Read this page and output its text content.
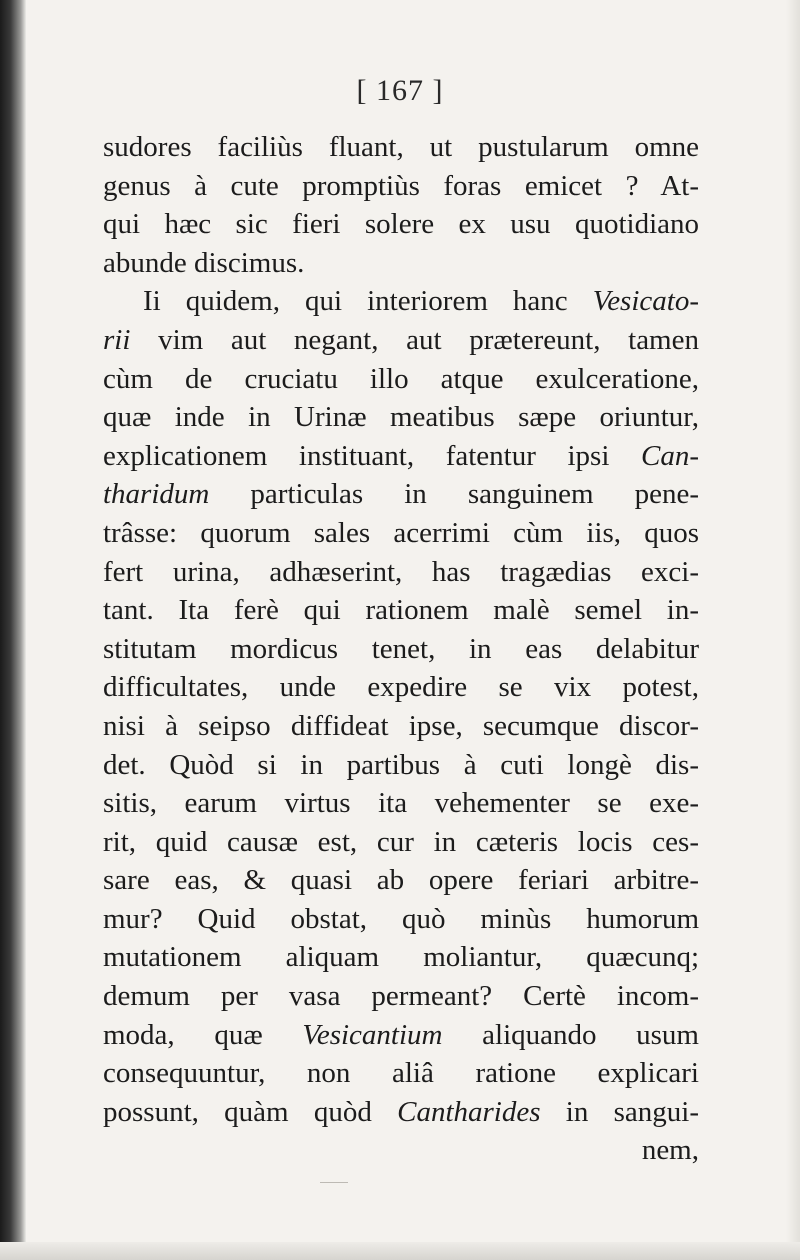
[ 167 ]
sudores faciliùs fluant, ut pustularum omne
genus à cute promptiùs foras emicet ? At-
qui hæc sic fieri solere ex usu quotidiano
abunde discimus.
Ii quidem, qui interiorem hanc Vesicato-
rii vim aut negant, aut prætereunt, tamen
cùm de cruciatu illo atque exulceratione,
quæ inde in Urinæ meatibus sæpe oriuntur,
explicationem instituant, fatentur ipsi Can-
tharidum particulas in sanguinem pene-
trâsse: quorum sales acerrimi cùm iis, quos
fert urina, adhæserint, has tragædias exci-
tant. Ita ferè qui rationem malè semel in-
stitutam mordicus tenet, in eas delabitur
difficultates, unde expedire se vix potest,
nisi à seipso diffideat ipse, secumque discor-
det. Quòd si in partibus à cuti longè dis-
sitis, earum virtus ita vehementer se exe-
rit, quid causæ est, cur in cæteris locis ces-
sare eas, & quasi ab opere feriari arbitre-
mur? Quid obstat, quò minùs humorum
mutationem aliquam moliantur, quæcunq;
demum per vasa permeant? Certè incom-
moda, quæ Vesicantium aliquando usum
consequuntur, non aliâ ratione explicari
possunt, quàm quòd Cantharides in sangui-
nem,
